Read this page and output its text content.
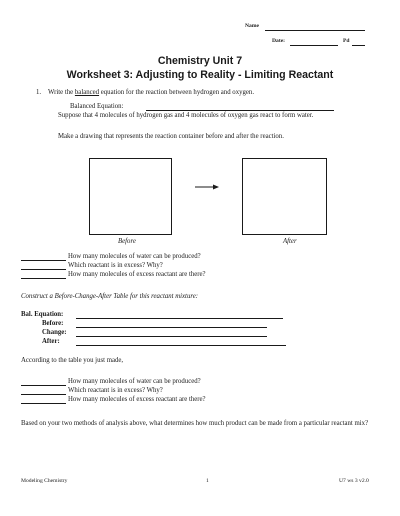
Name
Date:	Pd
Chemistry Unit 7
Worksheet 3: Adjusting to Reality - Limiting Reactant
1. Write the balanced equation for the reaction between hydrogen and oxygen.
Balanced Equation:
Suppose that 4 molecules of hydrogen gas and 4 molecules of oxygen gas react to form water.
Make a drawing that represents the reaction container before and after the reaction.
Before	After
How many molecules of water can be produced?
Which reactant is in excess? Why?
How many molecules of excess reactant are there?
Construct a Before-Change-After Table for this reactant mixture:
Bal. Equation:
Before:
Change:
After:
According to the table you just made,
How many molecules of water can be produced?
Which reactant is in excess? Why?
How many molecules of excess reactant are there?
Based on your two methods of analysis above, what determines how much product can be made from a particular reactant mix?
Modeling Chemistry	1	U7 ws 3 v2.0
